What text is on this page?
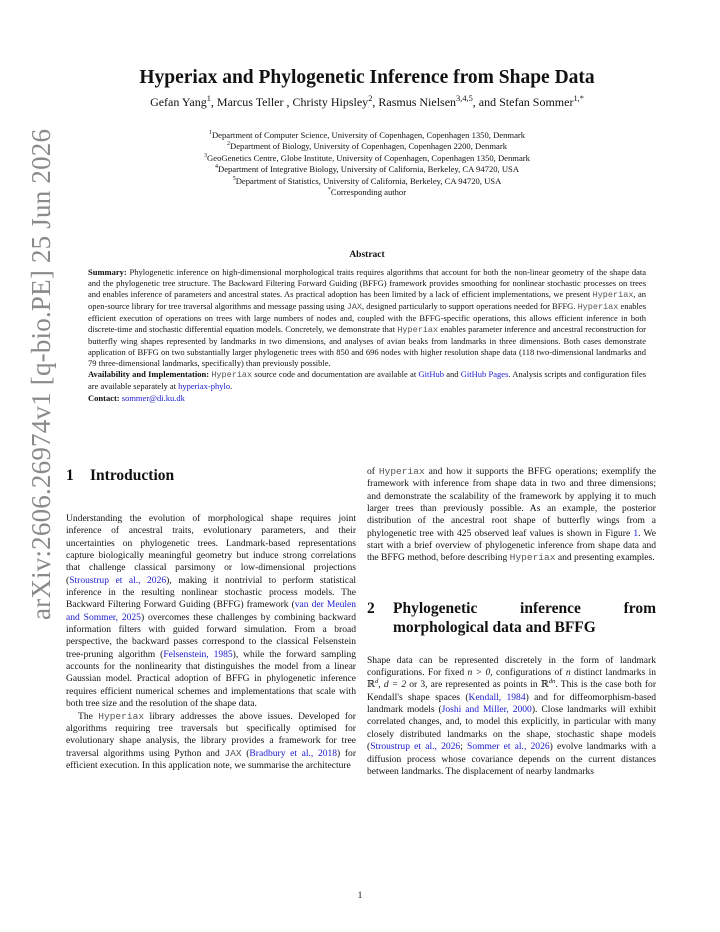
arXiv:2606.26974v1 [q-bio.PE] 25 Jun 2026
Hyperiax and Phylogenetic Inference from Shape Data
Gefan Yang$^1$, Marcus Teller , Christy Hipsley$^2$, Rasmus Nielsen$^{3,4,5}$, and Stefan Sommer$^{1,*}$
$^1$Department of Computer Science, University of Copenhagen, Copenhagen 1350, Denmark
$^2$Department of Biology, University of Copenhagen, Copenhagen 2200, Denmark
$^3$GeoGenetics Centre, Globe Institute, University of Copenhagen, Copenhagen 1350, Denmark
$^4$Department of Integrative Biology, University of California, Berkeley, CA 94720, USA
$^5$Department of Statistics, University of California, Berkeley, CA 94720, USA
*Corresponding author
Abstract

Summary: Phylogenetic inference on high-dimensional morphological traits requires algorithms that account for both the non-linear geometry of the shape data and the phylogenetic tree structure. The Backward Filtering Forward Guiding (BFFG) framework provides smoothing for nonlinear stochastic processes on trees and enables inference of parameters and ancestral states. As practical adoption has been limited by a lack of efficient implementations, we present Hyperiax, an open-source library for tree traversal algorithms and message passing using JAX, designed particularly to support operations needed for BFFG. Hyperiax enables efficient execution of operations on trees with large numbers of nodes and, coupled with the BFFG-specific operations, this allows efficient inference in both discrete-time and stochastic differential equation models. Concretely, we demonstrate that Hyperiax enables parameter inference and ancestral reconstruction for butterfly wing shapes represented by landmarks in two dimensions, and analyses of avian beaks from landmarks in three dimensions. Both cases demonstrate application of BFFG on two substantially larger phylogenetic trees with 850 and 696 nodes with higher resolution shape data (118 two-dimensional landmarks and 79 three-dimensional landmarks, specifically) than previously possible.

Availability and Implementation: Hyperiax source code and documentation are available at GitHub and GitHub Pages. Analysis scripts and configuration files are available separately at hyperiax-phylo.

Contact: sommer@di.ku.dk

1 Introduction

Understanding the evolution of morphological shape requires joint inference of ancestral traits, evolutionary parameters, and their uncertainties on phylogenetic trees. Landmark-based representations capture biologically meaningful geometry but induce strong correlations that challenge classical parsimony or low-dimensional projections (Stroustrup et al., 2026), making it nontrivial to perform statistical inference in the resulting nonlinear stochastic process models. The Backward Filtering Forward Guiding (BFFG) framework (van der Meulen and Sommer, 2025) overcomes these challenges by combining backward information filters with guided forward simulation. From a broad perspective, the backward passes correspond to the classical Felsenstein tree-pruning algorithm (Felsenstein, 1985), while the forward sampling accounts for the nonlinearity that distinguishes the model from a linear Gaussian model. Practical adoption of BFFG in phylogenetic inference requires efficient numerical schemes and implementations that scale with both tree size and the resolution of the shape data.

The Hyperiax library addresses the above issues. Developed for algorithms requiring tree traversals but specifically optimised for evolutionary shape analysis, the library provides a framework for tree traversal algorithms using Python and JAX (Bradbury et al., 2018) for efficient execution. In this application note, we summarise the architecture

of Hyperiax and how it supports the BFFG operations; exemplify the framework with inference from shape data in two and three dimensions; and demonstrate the scalability of the framework by applying it to much larger trees than previously possible. As an example, the posterior distribution of the ancestral root shape of butterfly wings from a phylogenetic tree with 425 observed leaf values is shown in Figure 1. We start with a brief overview of phylogenetic inference from shape data and the BFFG method, before describing Hyperiax and presenting examples.

2	Phylogenetic inference from morphological data and BFFG

Shape data can be represented discretely in the form of landmark configurations. For fixed n > 0, configurations of n distinct landmarks in ℝ$^d$, d = 2 or 3, are represented as points in ℝ$^{dn}$. This is the case both for Kendall's shape spaces (Kendall, 1984) and for diffeomorphism-based landmark models (Joshi and Miller, 2000). Close landmarks will exhibit correlated changes, and, to model this explicitly, in particular with many closely distributed landmarks on the shape, stochastic shape models (Stroustrup et al., 2026; Sommer et al., 2026) evolve landmarks with a diffusion process whose covariance depends on the current distances between landmarks. The displacement of nearby landmarks

1
